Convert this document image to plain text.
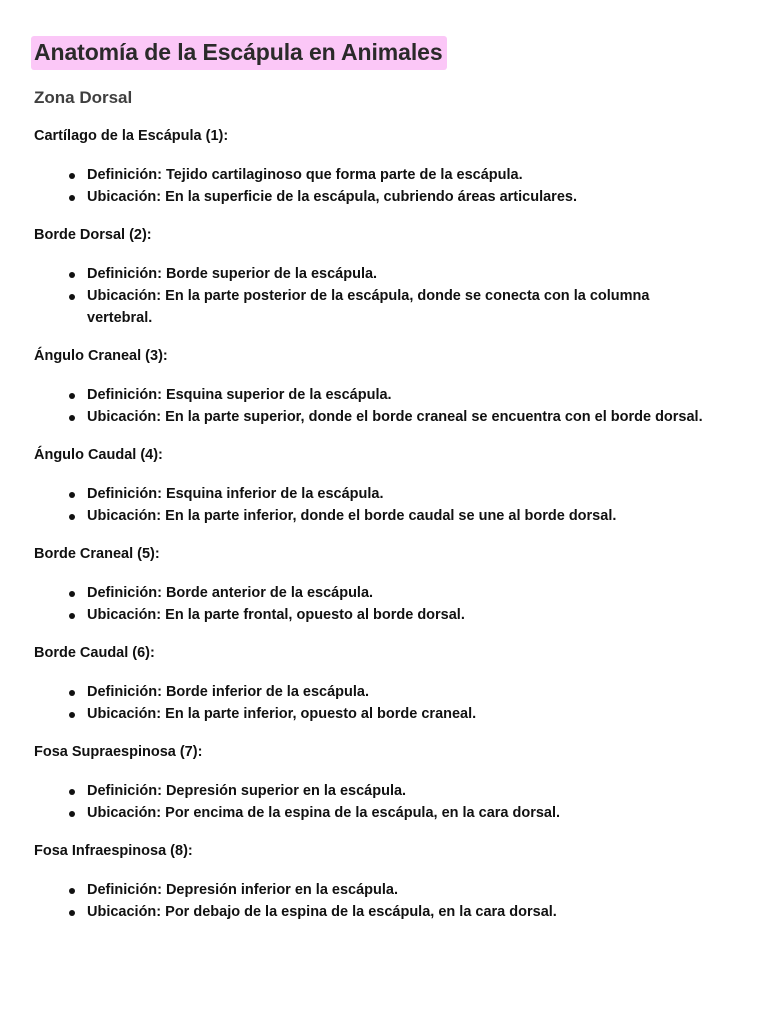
Anatomía de la Escápula en Animales
Zona Dorsal
Cartílago de la Escápula (1):
Definición: Tejido cartilaginoso que forma parte de la escápula.
Ubicación: En la superficie de la escápula, cubriendo áreas articulares.
Borde Dorsal (2):
Definición: Borde superior de la escápula.
Ubicación: En la parte posterior de la escápula, donde se conecta con la columna vertebral.
Ángulo Craneal (3):
Definición: Esquina superior de la escápula.
Ubicación: En la parte superior, donde el borde craneal se encuentra con el borde dorsal.
Ángulo Caudal (4):
Definición: Esquina inferior de la escápula.
Ubicación: En la parte inferior, donde el borde caudal se une al borde dorsal.
Borde Craneal (5):
Definición: Borde anterior de la escápula.
Ubicación: En la parte frontal, opuesto al borde dorsal.
Borde Caudal (6):
Definición: Borde inferior de la escápula.
Ubicación: En la parte inferior, opuesto al borde craneal.
Fosa Supraespinosa (7):
Definición: Depresión superior en la escápula.
Ubicación: Por encima de la espina de la escápula, en la cara dorsal.
Fosa Infraespinosa (8):
Definición: Depresión inferior en la escápula.
Ubicación: Por debajo de la espina de la escápula, en la cara dorsal.
